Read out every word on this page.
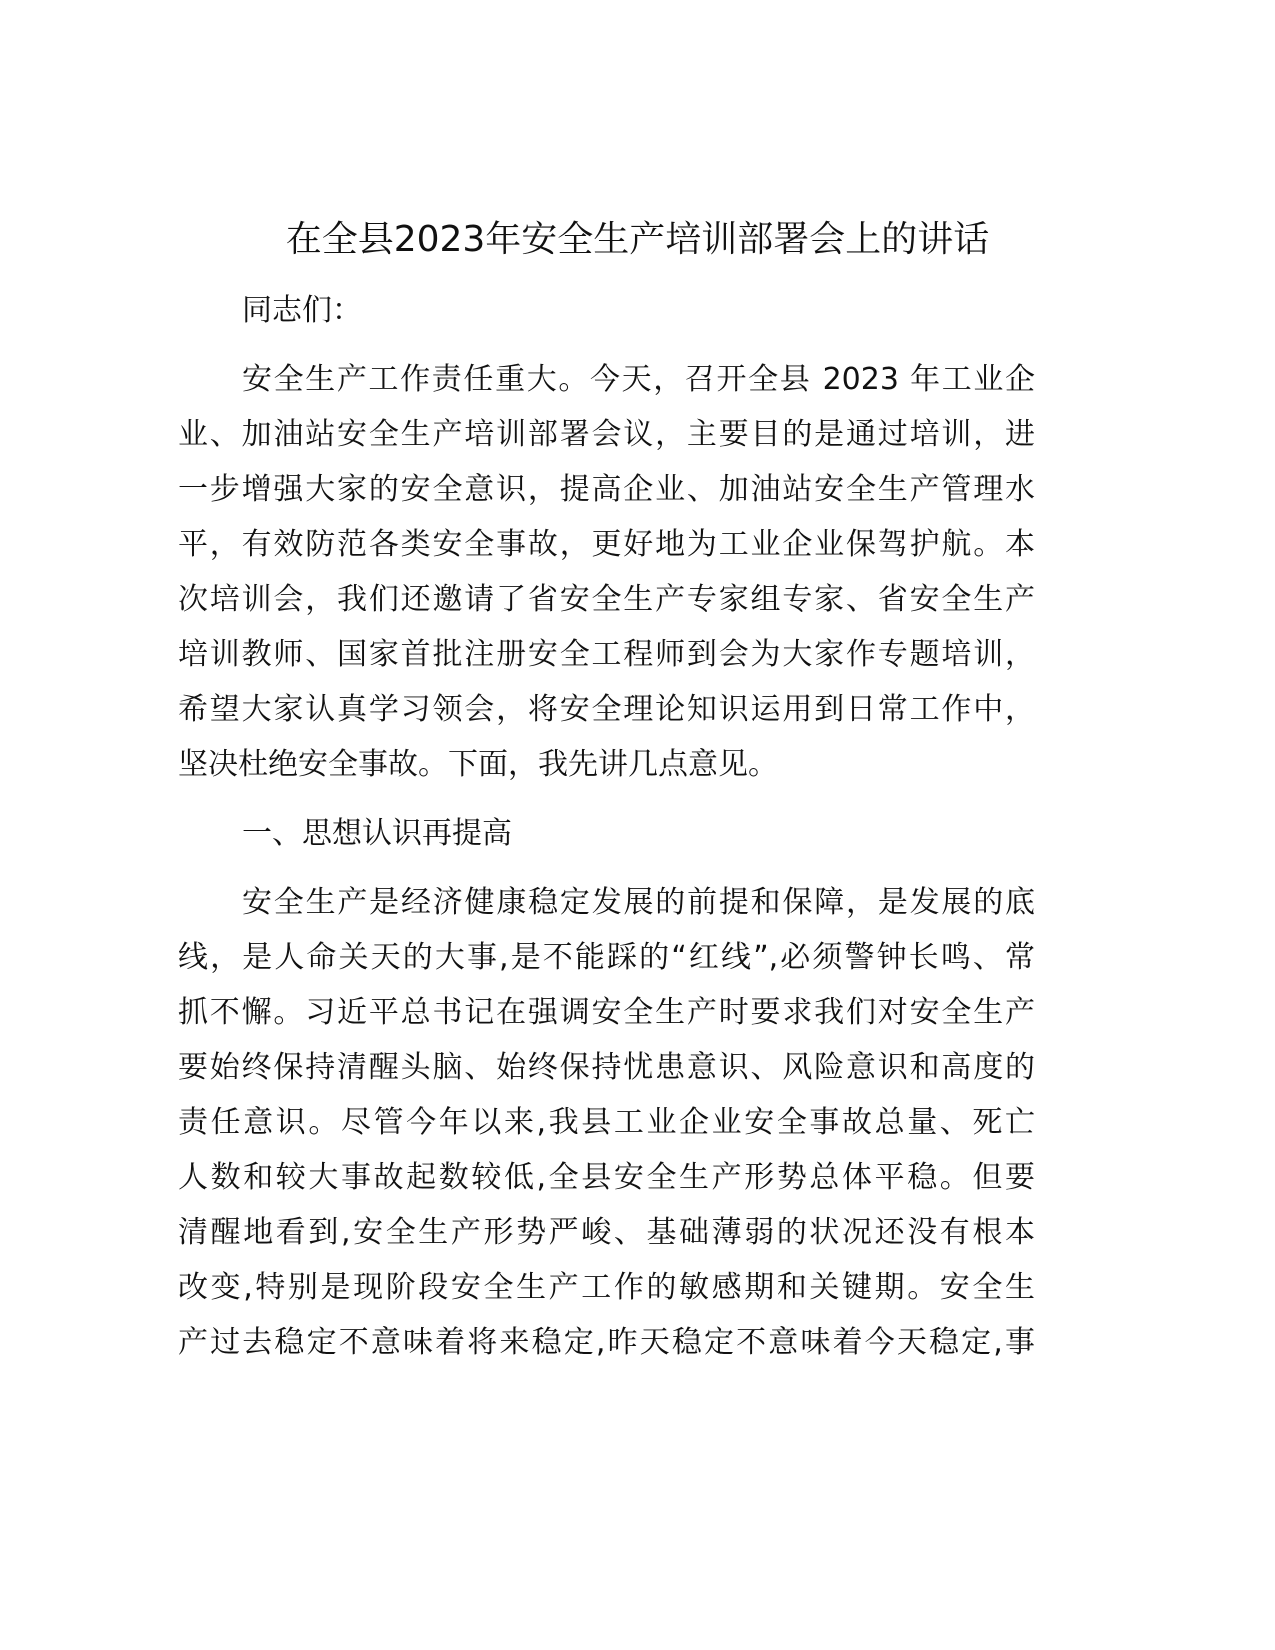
在全县2023年安全生产培训部署会上的讲话
同志们：
安全生产工作责任重大。今天，召开全县 2023 年工业企
业、加油站安全生产培训部署会议，主要目的是通过培训，进
一步增强大家的安全意识，提高企业、加油站安全生产管理水
平，有效防范各类安全事故，更好地为工业企业保驾护航。本
次培训会，我们还邀请了省安全生产专家组专家、省安全生产
培训教师、国家首批注册安全工程师到会为大家作专题培训，
希望大家认真学习领会，将安全理论知识运用到日常工作中，
坚决杜绝安全事故。下面，我先讲几点意见。
一、思想认识再提高
安全生产是经济健康稳定发展的前提和保障，是发展的底
线，是人命关天的大事,是不能踩的“红线”,必须警钟长鸣、常
抓不懈。习近平总书记在强调安全生产时要求我们对安全生产
要始终保持清醒头脑、始终保持忧患意识、风险意识和高度的
责任意识。尽管今年以来,我县工业企业安全事故总量、死亡
人数和较大事故起数较低,全县安全生产形势总体平稳。但要
清醒地看到,安全生产形势严峻、基础薄弱的状况还没有根本
改变,特别是现阶段安全生产工作的敏感期和关键期。安全生
产过去稳定不意味着将来稳定,昨天稳定不意味着今天稳定,事
